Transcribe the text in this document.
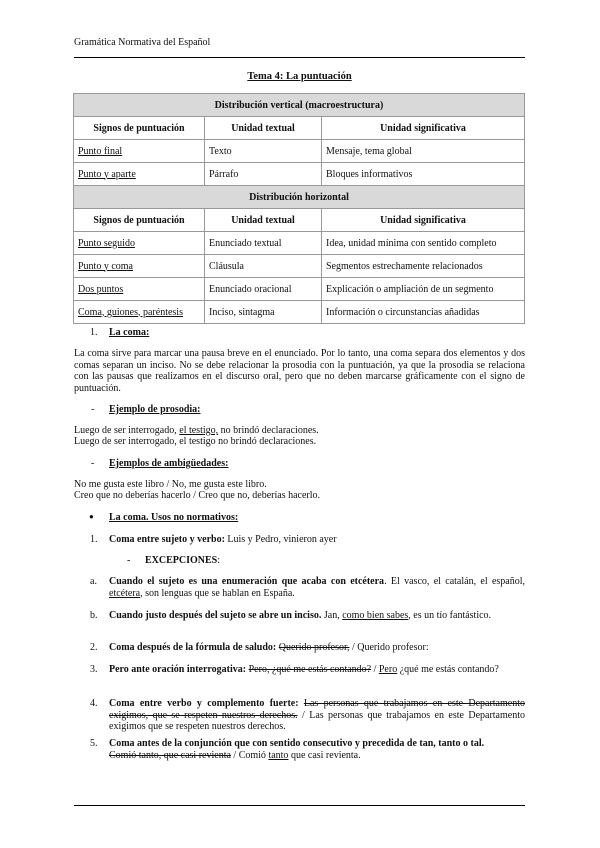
Gramática Normativa del Español
Tema 4: La puntuación
Distribución vertical (macroestructura)		
Signos de puntuación	Unidad textual	Unidad significativa
Punto final	Texto	Mensaje, tema global
Punto y aparte	Párrafo	Bloques informativos
Distribución horizontal		
Signos de puntuación	Unidad textual	Unidad significativa
Punto seguido	Enunciado textual	Idea, unidad mínima con sentido completo
Punto y coma	Cláusula	Segmentos estrechamente relacionados
Dos puntos	Enunciado oracional	Explicación o ampliación de un segmento
Coma, guiones, paréntesis	Inciso, sintagma	Información o circunstancias añadidas
1. La coma:
La coma sirve para marcar una pausa breve en el enunciado. Por lo tanto, una coma separa dos elementos y dos comas separan un inciso. No se debe relacionar la prosodia con la puntuación, ya que la prosodia se relaciona con las pausas que realizamos en el discurso oral, pero que no deben marcarse gráficamente con el signo de puntuación.
- Ejemplo de prosodia:
Luego de ser interrogado, el testigo, no brindó declaraciones.
Luego de ser interrogado, el testigo no brindó declaraciones.
- Ejemplos de ambigüedades:
No me gusta este libro / No, me gusta este libro.
Creo que no deberías hacerlo / Creo que no, deberías hacerlo.
● La coma. Usos no normativos:
1. Coma entre sujeto y verbo: Luis y Pedro, vinieron ayer
- EXCEPCIONES:
a. Cuando el sujeto es una enumeración que acaba con etcétera. El vasco, el catalán, el español, etcétera, son lenguas que se hablan en España.
b. Cuando justo después del sujeto se abre un inciso. Jan, como bien sabes, es un tío fantástico.
2. Coma después de la fórmula de saludo: Querido profesor, / Querido profesor:
3. Pero ante oración interrogativa: Pero, ¿qué me estás contando? / Pero ¿qué me estás contando?
4. Coma entre verbo y complemento fuerte: Las personas que trabajamos en este Departamento exigimos, que se respeten nuestros derechos. / Las personas que trabajamos en este Departamento exigimos que se respeten nuestros derechos.
5. Coma antes de la conjunción que con sentido consecutivo y precedida de tan, tanto o tal.
Comió tanto, que casi revienta / Comió tanto que casi revienta.
